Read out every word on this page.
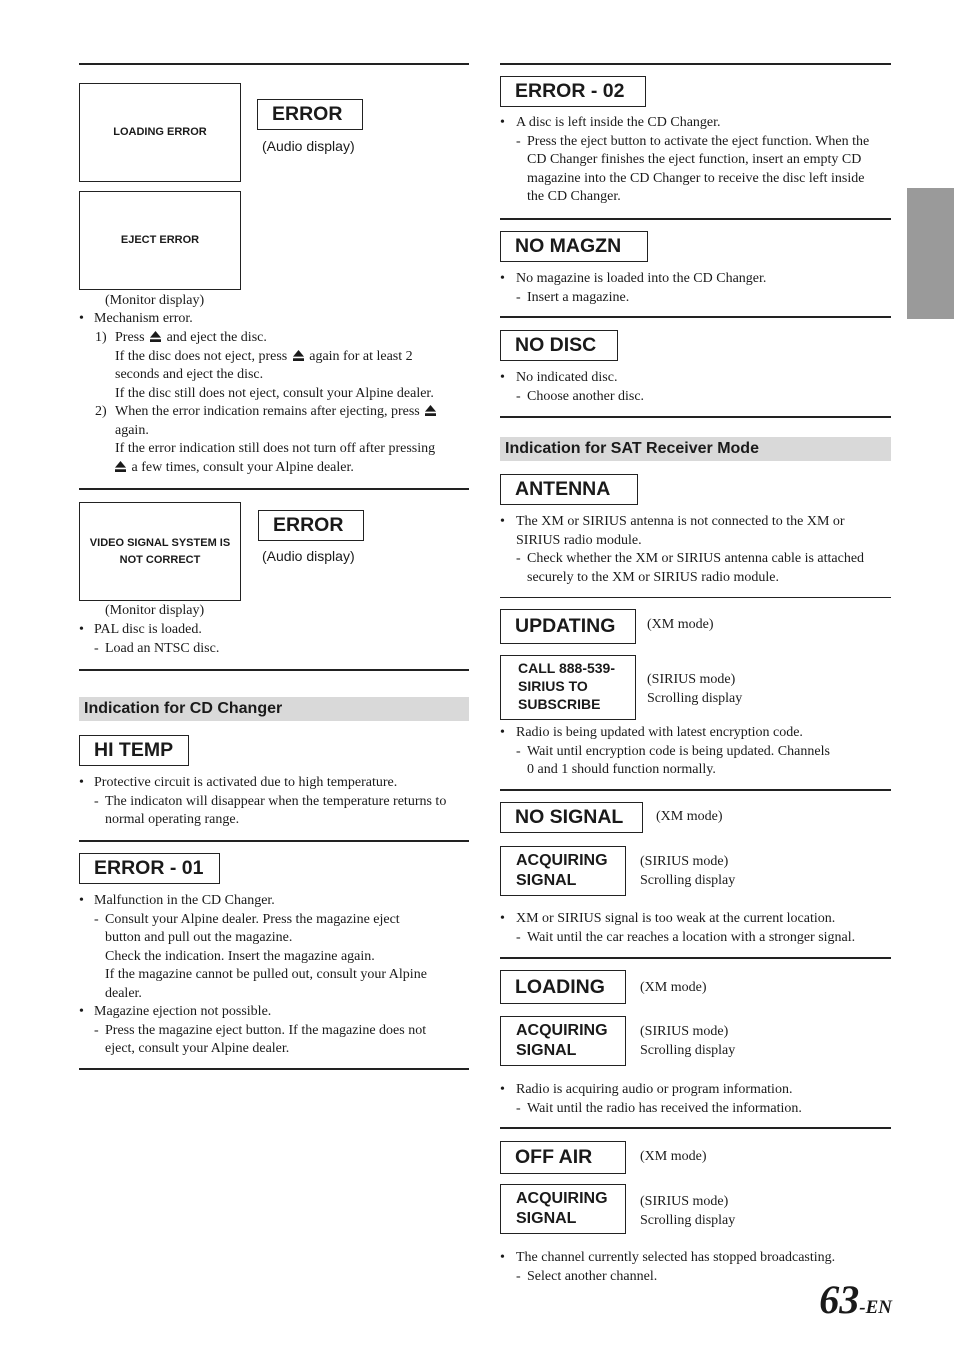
LOADING ERROR
EJECT ERROR
ERROR
(Audio display)
(Monitor display)
• Mechanism error.
1) Press and eject the disc.
If the disc does not eject, press again for at least 2
seconds and eject the disc.
If the disc still does not eject, consult your Alpine dealer.
2) When the error indication remains after ejecting, press
again.
If the error indication still does not turn off after pressing
a few times, consult your Alpine dealer.
VIDEO SIGNAL SYSTEM IS
NOT CORRECT
ERROR
(Audio display)
(Monitor display)
• PAL disc is loaded.
- Load an NTSC disc.
Indication for CD Changer
HI TEMP
• Protective circuit is activated due to high temperature.
- The indicaton will disappear when the temperature returns to
normal operating range.
ERROR - 01
• Malfunction in the CD Changer.
- Consult your Alpine dealer. Press the magazine eject
button and pull out the magazine.
Check the indication. Insert the magazine again.
If the magazine cannot be pulled out, consult your Alpine
dealer.
• Magazine ejection not possible.
- Press the magazine eject button. If the magazine does not
eject, consult your Alpine dealer.
ERROR - 02
• A disc is left inside the CD Changer.
- Press the eject button to activate the eject function. When the
CD Changer finishes the eject function, insert an empty CD
magazine into the CD Changer to receive the disc left inside
the CD Changer.
NO MAGZN
• No magazine is loaded into the CD Changer.
- Insert a magazine.
NO DISC
• No indicated disc.
- Choose another disc.
Indication for SAT Receiver Mode
ANTENNA
• The XM or SIRIUS antenna is not connected to the XM or
SIRIUS radio module.
- Check whether the XM or SIRIUS antenna cable is attached
securely to the XM or SIRIUS radio module.
UPDATING	(XM mode)
CALL 888-539-
SIRIUS TO
SUBSCRIBE
(SIRIUS mode)
Scrolling display
• Radio is being updated with latest encryption code.
- Wait until encryption code is being updated. Channels
0 and 1 should function normally.
NO SIGNAL	(XM mode)
ACQUIRING
SIGNAL
(SIRIUS mode)
Scrolling display
• XM or SIRIUS signal is too weak at the current location.
- Wait until the car reaches a location with a stronger signal.
LOADING	(XM mode)
ACQUIRING
SIGNAL
(SIRIUS mode)
Scrolling display
• Radio is acquiring audio or program information.
- Wait until the radio has received the information.
OFF AIR	(XM mode)
ACQUIRING
SIGNAL
(SIRIUS mode)
Scrolling display
• The channel currently selected has stopped broadcasting.
- Select another channel.
63-EN
